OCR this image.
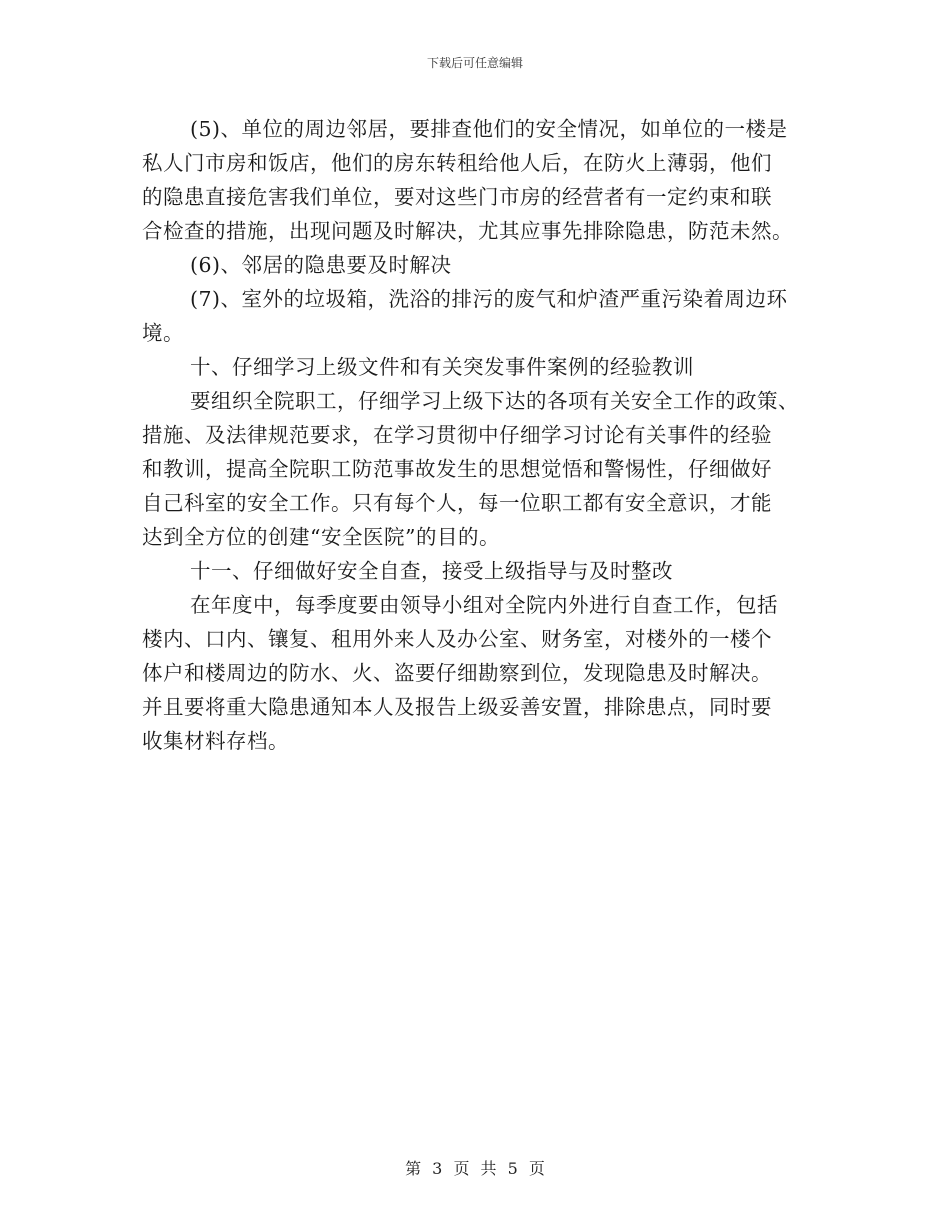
下载后可任意编辑
(5)、单位的周边邻居，要排查他们的安全情况，如单位的一楼是
私人门市房和饭店，他们的房东转租给他人后，在防火上薄弱，他们
的隐患直接危害我们单位，要对这些门市房的经营者有一定约束和联
合检查的措施，出现问题及时解决，尤其应事先排除隐患，防范未然。
(6)、邻居的隐患要及时解决
(7)、室外的垃圾箱，洗浴的排污的废气和炉渣严重污染着周边环
境。
十、仔细学习上级文件和有关突发事件案例的经验教训
要组织全院职工，仔细学习上级下达的各项有关安全工作的政策、
措施、及法律规范要求，在学习贯彻中仔细学习讨论有关事件的经验
和教训，提高全院职工防范事故发生的思想觉悟和警惕性，仔细做好
自己科室的安全工作。只有每个人，每一位职工都有安全意识，才能
达到全方位的创建“安全医院”的目的。
十一、仔细做好安全自查，接受上级指导与及时整改
在年度中，每季度要由领导小组对全院内外进行自查工作，包括
楼内、口内、镶复、租用外来人及办公室、财务室，对楼外的一楼个
体户和楼周边的防水、火、盗要仔细勘察到位，发现隐患及时解决。
并且要将重大隐患通知本人及报告上级妥善安置，排除患点，同时要
收集材料存档。
第 3 页 共 5 页
